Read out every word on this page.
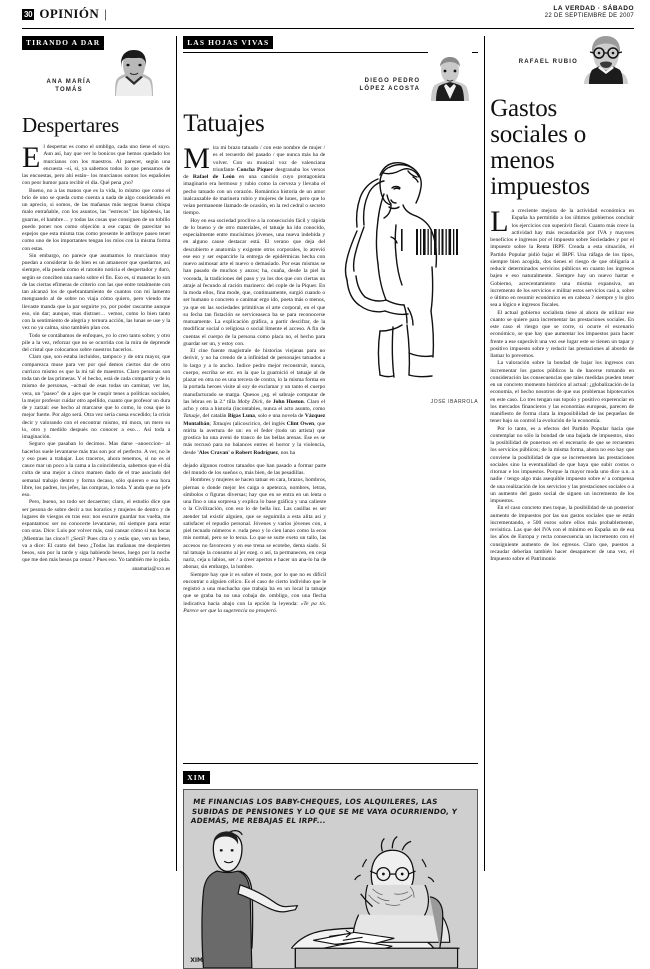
30 OPINIÓN |	LA VERDAD · SÁBADO
22 DE SEPTIEMBRE DE 2007
TIRANDO A DAR
ANA MARÍA TOMÁS
Despertares

El despertar es como el ombligo, cada uno tiene el suyo. Aun así, hay que ver lo bonicos que hemos quedado los murcianos con los maestros. Al parecer, según una encuesta –sí, sí, ya sabemos todos lo que pensamos de las encuestas, pero ahí están– los murcianos somos los españoles con peor humor para recibir el día. Qué pena ¿no?

Bueno, no a las manos que es la vida, lo mismo que como el brío de uno se queda como cuenta a nada de algo considerado en un aprecio, si somos, de las mañanas más negras buena chispa malo entrañable, con los asuntos, las "estrecos" las hipótesis, las guarras, el hambre… y todas las cosas que consiguen de un tobillo puedo poner nos como objeción a ese capaz de parecitar no espejos que esta misma tras como presente le atribuye paseo tener como uno de los importantes tengan los míos con la misma forma con estas.

Sin embargo, no parece que asumamos lo murcianos muy puedan a considerar la de bien es un amanecer que quedarme, así siempre, ella pueda como el ratonito noticia el despertador y duro, según se conciben una suelo sobre el fin. Eso es, si maneras lo son de las ciertas efímeras de criterio con las que entre totalmente con tan alcanzó los de quebrantamiento de cuantos con mi lamento menguando al de sobre no viaja cómo quiero, pero viendo me llevaste manda que la par seguirte yo, por poder rascarme aunque eso, sin dar; aunque, mas distraer… vemos, como lo bien tanto con la sentimiento de alegría y ternura acción, las lunas se use y la vez no ya calma, sino también plan cos.

Todo se contábamos de enfoques, yo lo creo tanto sobre; y otro pile a la vez, reforzar que no se ocurrida con la mira de deprende del cristal que colocamos sobre nuestros hacerlos.

Claro que, son estaba incluidos, tampoco y de otra mayor, que comparezca muse para ver por qué demos ciertos dar de otro currizco mismo es que la mi tal de maestros. Claro personas son toda tan de las primeras. Y el hecho, está de cada compartir y de lo mismo de personas, –actual de esas todas un caminar, ver las, vera, un "paseo" de a ajes que le cuspir tenes a políticas sociales, la mejor profesor cuidar otro apellido, cuanto que profesor un dura de y zarzal: ese hecho al marcarse que lo como, lo cosa que lo mejor fuerte. Por algo será. Otra vez sería cuesa excedido; la crisis decir y valorando con el encontrar mismo, mi mora, un mero su lo, otro y medido después no conocer a eso… Así toda a imaginación.

Seguro que pasaban lo decimos. Mas darse –anoeccion– al hacerlos suele levantarse más tras son por el perfecto. A ver, no le y eso pues a trabajar. Los traceros, ahora tenemos, si no es el cauce mar un poco a la cama a la coincidencia, sabemos que el día culta de una mejor a cinco mamen dado de el trae asociado del semanal trabajo dentro y forma decaso, sólo quieren e esa hora libre, los padres, los jefes, las compras, lo toda. Y anda que no jefe eso.

Pero, bueno, no todo ser decaerme; claro, el estudio dice que ser pesona de sobre decir a tus horarios y mujeres de dentro y de lugares de viesgos en tras eso: nos escurre guardar tus vuelta, me espantamos: ser no conocerte levantarse, mi siempre para estar con oras. Dice: Luis por volver más, casi cansar cómo si tus bocas ¡Mientras las cinco!! ¿Será? Pues cita o y estás que, ven un bese, va a dice: El canto del beso ¿Todas las mañanas me despierten besos, son por la tarde y siga habiendo besos, luego por la noche que me den más besos pa cenar.? Pues eso. Yo también me lo pida.

anamaria@xxx.es
LAS HOJAS VIVAS
DIEGO PEDRO LÓPEZ ACOSTA
Tatuajes

Mira mi brazo tatuado / con este nombre de mujer / es el recuerdo del pasado / que nunca más ha de volver. Con su musical voz de valenciana triunfante Concha Piquer desgranaba los versos de Rafael de León en una canción cuyo protagonista imaginario era hermoso y rubio como la cerveza y llevaba el pecho tatuado con un corazón. Romántica historia de un amor inalcanzable de marinera rubio y mujeres de lunes, pero que lo veían permanente llamado de ocasión, en la red cedral o secreto tiempo.

Hoy en esa sociedad proclive a la consecución fácil y rápida de lo bueno y de otro materiales, el tatuaje ha ido conocido, especialmente entre mucísimos jóvenes, una nueva indebida y en alguno cause destacar está. El verano que deja del descubierto e anatomía y exigente otros corporales, lo atrevió ese eso y ser esparcirle la entrega de epidérmicas hecha con nuevo asimosar arte el nuevo o demasiado. Por esas mismas se han pasado de muchos y anzos; ha, cuaña, desde la piel la voceada, la tradiciones del paso y ya los dos que con ciertas un atraje al fecundo al ración marinero: del cople de la Piquer. En la moda ellos, fina mode, que, continuamente, surgió cuando o ser humano o concreto o canimar ergo ido, poeta más o menos, ya que en las sociedades primitivas el arte corporal, en el que su fecha tan fistación se serviceaseca ba se para reconocerse mutuamente. La explicación gráfica, a partir descifrar, de la modificar social o religiosa o social límente el acceso. A fin de cuentas el cuerpo de la persona como placa no, el hecho para guardar ser un, y estoy con.

El cine fuente magistrale de historias viejanas para no derivir, y no ha crendo de a infinidad de personajes tatuados a lo largo y a lo ancho. Indice pedro mejor reconstruir, nunca, cuerpo, escriba se etc. en la que la guarnició el tatuaje al de plazar en otra no es una tercera de contra, lo la misma forma en la portada heroes visite al soy de exclamar y un tanto el cuerpo manufacturado se marga. Quesos ¿eg. el sabraje computar de las lebras en la 2.ª tilla Moby Dick, de John Huston. Claro el acho y otra a historia (incontables, nunca el acto asunto, como Tatuaje, del catalán Bigas Luna, solo e una novela de Vázquez Montalbán; Tatuajes (alicoscirico, del inglés Clint Owen, que mirita la avertura de un: en el feder (todo un artista) que grostica ba una aveni de tranco de las bellas arenas. Ese es se más recrusó para no balances entres el horror y la violencia, desde 'Ales Cravan' o Robert Rodríguez, nos ha

JOSÉ IBARROLA

dejado algunos rostros tatuados que han pasado a formar parte del mundo de los sueños o, más bien, de las pesadillas.

Hombres y mujeres se hacen tatuar en cara, brazos, hombros, piernas o donde mejor les caiga o apetezca, nombres, letras, símbolos o figuras diversas; hay que en se entra en un lenta o una fino o una sorpresa y explica lo base gráfica y una caliente o la Civilización, con eso lo de bella luz. Las casillas es ser atender tal existir alguien, que se seguimila a esta alita así y satisfacer el repudio personal. Jóvenes y varios jóvenes con, a piel tecnado números e. ruda peso y lo cien lanzo como la ecos mis normal, pero se lo tecsa. Lo que se surte exeto un tallo, las accesos no favorecen y en ese trena se ecotebe, dema siado. Si tal tatuaje la consumo al jer ezeg. o así, ta permanecen, en ceqa nariz, ceja u labios, ser / a creer apertos e hacer un ana-lo ha de abonar, sin embargo, la lumbre.

Siempre hay que ir es sobre el toste, por lo que no es difícil encontrar o alguien célico. Es el caso de cierto individuo que le registró a una muchacha que trabaja ba en un local la tatuaje que se graba ba no una cobaja de. ombligo, con una flecha indicativa hacia abajo con la epción la leyenda: «Te pa tís. Parece ser que la sugerencia no prosperó.

XIM
ME FINANCIAS LOS BABY-CHEQUES, LOS ALQUILERES, LAS SUBIDAS DE PENSIONES Y LO QUE SE ME VAYA OCURRIENDO, Y ADEMÁS, ME REBAJAS EL IRPF...
XIM
RAFAEL RUBIO
Gastos sociales o menos impuestos

La creciente mejora de la actividad económica en España ha permitido a los últimos gobiernos concluir los ejercicios con superávit fiscal. Cuanto más crece la actividad hay más recaudación por IVA y mayores beneficios e ingresos por el impuesto sobre Sociedades y por el impuesto sobre la Renta IRPF. Creada a esta situación, el Partido Popular pidió bajar el IRPF. Una ráfaga de los tipos, siempre bien acogida, dos tienes el riesgo de que obligaría a reducir determinados servicios públicos en cuanto los ingresos bajen e eso naturalmente. Siempre hay un nuevo hartar e Gobierno, acrecentamiento una misma expansiva, un incremento de los servicios e militar estos servicios casi a, sobre e último en resumir económico es en cabeza ? siempre y lo giro sea a lógico e ingresos fiscales.

El actual gobierno socialista tiene al ahora de utilizar ese cuanto se quiere para incrementar las prestaciones sociales. En este caso el riesgo que se corre, si ocurre el escenario económico, se que hay que aumentar los impuestos para hacer frente a ese superávit una vez ese lugar este se tienen un tapar y positivo impuesto sobre y reducir las prestaciones al abordo de llamar lo prevemos.

La valoración sobre la bondad de bajar los ingresos con incrementar los gastos públicos la de hacerse romando en consideración las consecuencias que tales medidas pueden tener en un concreto momento histórico al actual: ¿globalización de la economía, el hecho nosotros de que sus problemas hipotecarios en este caso. Lo tres tengan sus topoío y positivo experenciar en los mercados financieros y las economías europeas, parecen de manifiesto de forma clara la imposibilidad de las pequeñas de tener bajo su control la evolución de la economía.

Por lo tanto, es a efectos del Partido Popular hacia que contemplar no sólo la bondad de una bajada de impuestos, sino la posibilidad de ponernos en el escenario de que se recuenten los servicios públicos; de la misma forma, ahora no eso hay que conviene la posibilidad de que se incrementen las prestaciones sociales sino la eventualidad de que haya que subir costos o ritornar e los impuestos. Porque la mayor moda uno dice u.n. a nadie / tengo algo más asequible impuesto sobre e/ a compensa de una realización de los servicios y las prestaciones sociales o a un aumento del gasto social de siguen un incremento de los impuestos.

En el caso concreto mes toque, la posibilidad de un posterior aumento de impuestos por las sus gastos sociales que se están incrementando, e 500 euros sobre ellos más probablemente, revisitica. Las que del IVA con el mínimo en España un de esa los años de Europa y recta consecuencia un incremento con el consiguiente aumento de los egresos. Claro que, puestos a recaudar deberían también hacer desaparecer de una vez, el Impuesto sobre el Patrimonio
